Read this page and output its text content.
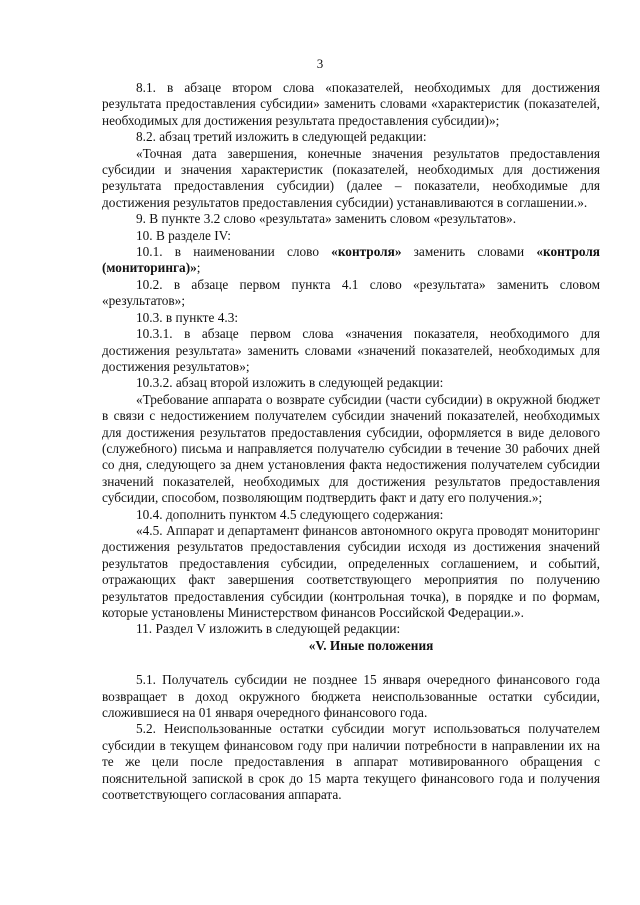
3

8.1. в абзаце втором слова «показателей, необходимых для достижения результата предоставления субсидии» заменить словами «характеристик (показателей, необходимых для достижения результата предоставления субсидии)»;

8.2. абзац третий изложить в следующей редакции:

«Точная дата завершения, конечные значения результатов предоставления субсидии и значения характеристик (показателей, необходимых для достижения результата предоставления субсидии) (далее – показатели, необходимые для достижения результатов предоставления субсидии) устанавливаются в соглашении.».

9. В пункте 3.2 слово «результата» заменить словом «результатов».

10. В разделе IV:

10.1. в наименовании слово «контроля» заменить словами «контроля (мониторинга)»;

10.2. в абзаце первом пункта 4.1 слово «результата» заменить словом «результатов»;

10.3. в пункте 4.3:

10.3.1. в абзаце первом слова «значения показателя, необходимого для достижения результата» заменить словами «значений показателей, необходимых для достижения результатов»;

10.3.2. абзац второй изложить в следующей редакции:

«Требование аппарата о возврате субсидии (части субсидии) в окружной бюджет в связи с недостижением получателем субсидии значений показателей, необходимых для достижения результатов предоставления субсидии, оформляется в виде делового (служебного) письма и направляется получателю субсидии в течение 30 рабочих дней со дня, следующего за днем установления факта недостижения получателем субсидии значений показателей, необходимых для достижения результатов предоставления субсидии, способом, позволяющим подтвердить факт и дату его получения.»;

10.4. дополнить пунктом 4.5 следующего содержания:

«4.5. Аппарат и департамент финансов автономного округа проводят мониторинг достижения результатов предоставления субсидии исходя из достижения значений результатов предоставления субсидии, определенных соглашением, и событий, отражающих факт завершения соответствующего мероприятия по получению результатов предоставления субсидии (контрольная точка), в порядке и по формам, которые установлены Министерством финансов Российской Федерации.».

11. Раздел V изложить в следующей редакции:

«V. Иные положения

5.1. Получатель субсидии не позднее 15 января очередного финансового года возвращает в доход окружного бюджета неиспользованные остатки субсидии, сложившиеся на 01 января очередного финансового года.

5.2. Неиспользованные остатки субсидии могут использоваться получателем субсидии в текущем финансовом году при наличии потребности в направлении их на те же цели после предоставления в аппарат мотивированного обращения с пояснительной запиской в срок до 15 марта текущего финансового года и получения соответствующего согласования аппарата.
